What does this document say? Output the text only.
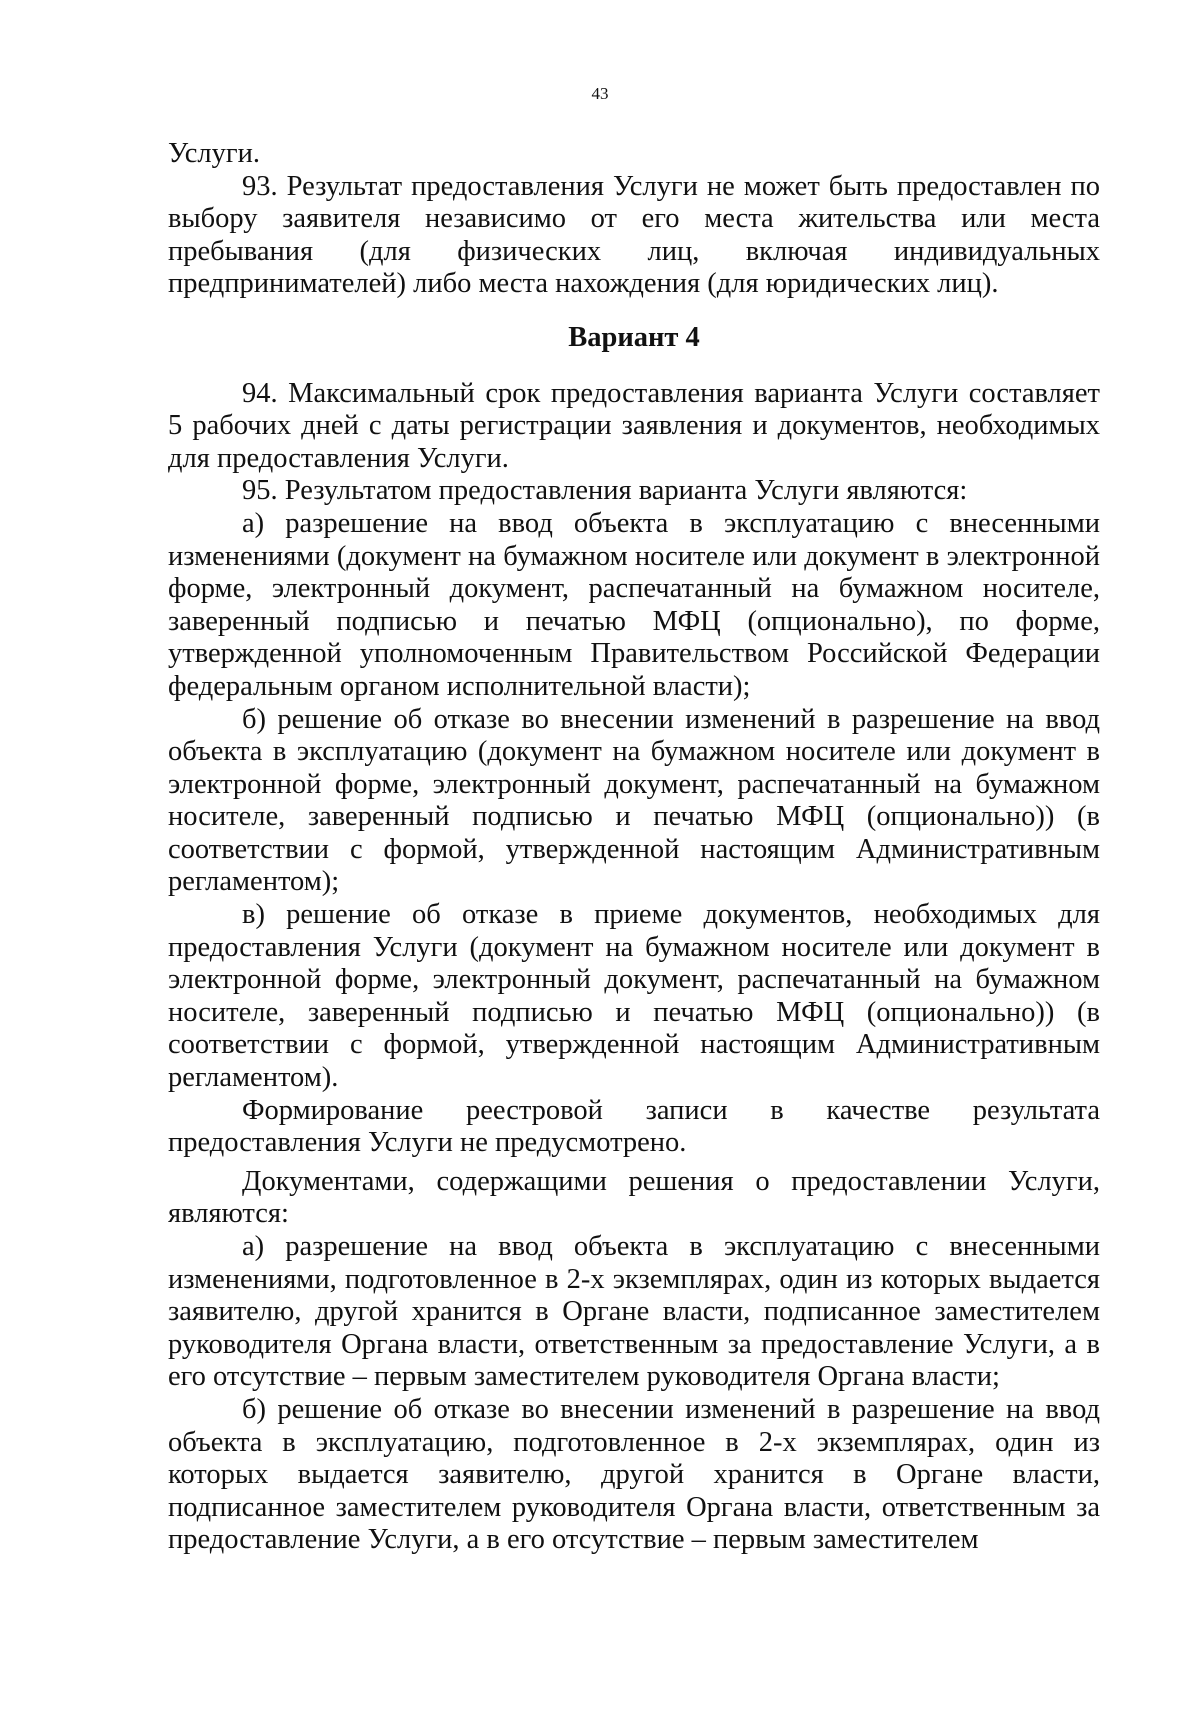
43

Услуги.

93. Результат предоставления Услуги не может быть предоставлен по выбору заявителя независимо от его места жительства или места пребывания (для физических лиц, включая индивидуальных предпринимателей) либо места нахождения (для юридических лиц).

Вариант 4

94. Максимальный срок предоставления варианта Услуги составляет 5 рабочих дней с даты регистрации заявления и документов, необходимых для предоставления Услуги.

95. Результатом предоставления варианта Услуги являются:

а) разрешение на ввод объекта в эксплуатацию с внесенными изменениями (документ на бумажном носителе или документ в электронной форме, электронный документ, распечатанный на бумажном носителе, заверенный подписью и печатью МФЦ (опционально), по форме, утвержденной уполномоченным Правительством Российской Федерации федеральным органом исполнительной власти);

б) решение об отказе во внесении изменений в разрешение на ввод объекта в эксплуатацию (документ на бумажном носителе или документ в электронной форме, электронный документ, распечатанный на бумажном носителе, заверенный подписью и печатью МФЦ (опционально)) (в соответствии с формой, утвержденной настоящим Административным регламентом);

в) решение об отказе в приеме документов, необходимых для предоставления Услуги (документ на бумажном носителе или документ в электронной форме, электронный документ, распечатанный на бумажном носителе, заверенный подписью и печатью МФЦ (опционально)) (в соответствии с формой, утвержденной настоящим Административным регламентом).

Формирование реестровой записи в качестве результата предоставления Услуги не предусмотрено.

Документами, содержащими решения о предоставлении Услуги, являются:

а) разрешение на ввод объекта в эксплуатацию с внесенными изменениями, подготовленное в 2-х экземплярах, один из которых выдается заявителю, другой хранится в Органе власти, подписанное заместителем руководителя Органа власти, ответственным за предоставление Услуги, а в его отсутствие – первым заместителем руководителя Органа власти;

б) решение об отказе во внесении изменений в разрешение на ввод объекта в эксплуатацию, подготовленное в 2-х экземплярах, один из которых выдается заявителю, другой хранится в Органе власти, подписанное заместителем руководителя Органа власти, ответственным за предоставление Услуги, а в его отсутствие – первым заместителем
